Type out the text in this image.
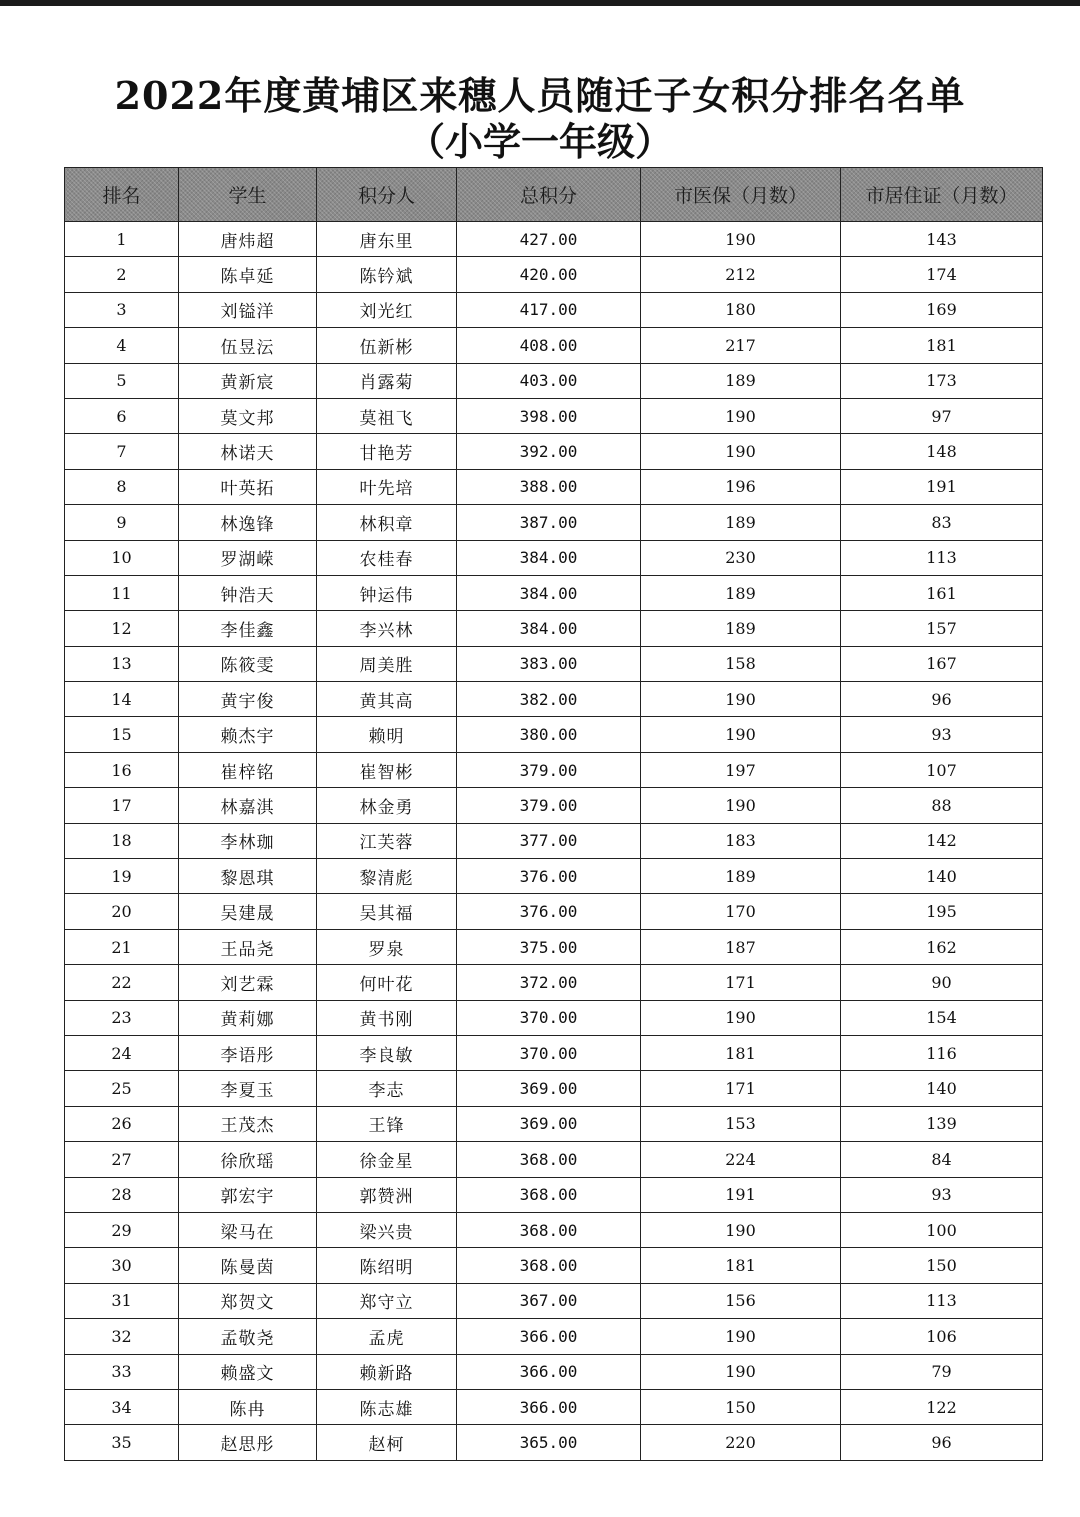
2022年度黄埔区来穗人员随迁子女积分排名名单
（小学一年级）
排名	学生	积分人	总积分	市医保（月数）	市居住证（月数）
1	唐炜超	唐东里	427.00	190	143
2	陈卓延	陈钤斌	420.00	212	174
3	刘镒洋	刘光红	417.00	180	169
4	伍昱沄	伍新彬	408.00	217	181
5	黄新宸	肖露菊	403.00	189	173
6	莫文邦	莫祖飞	398.00	190	97
7	林诺天	甘艳芳	392.00	190	148
8	叶英拓	叶先培	388.00	196	191
9	林逸锋	林积章	387.00	189	83
10	罗湖嵘	农桂春	384.00	230	113
11	钟浩天	钟运伟	384.00	189	161
12	李佳鑫	李兴林	384.00	189	157
13	陈筱雯	周美胜	383.00	158	167
14	黄宇俊	黄其高	382.00	190	96
15	赖杰宇	赖明	380.00	190	93
16	崔梓铭	崔智彬	379.00	197	107
17	林嘉淇	林金勇	379.00	190	88
18	李林珈	江芙蓉	377.00	183	142
19	黎恩琪	黎清彪	376.00	189	140
20	吴建晟	吴其福	376.00	170	195
21	王品尧	罗泉	375.00	187	162
22	刘艺霖	何叶花	372.00	171	90
23	黄莉娜	黄书刚	370.00	190	154
24	李语彤	李良敏	370.00	181	116
25	李夏玉	李志	369.00	171	140
26	王茂杰	王锋	369.00	153	139
27	徐欣瑶	徐金星	368.00	224	84
28	郭宏宇	郭赞洲	368.00	191	93
29	梁马在	梁兴贵	368.00	190	100
30	陈曼茵	陈绍明	368.00	181	150
31	郑贺文	郑守立	367.00	156	113
32	孟敬尧	孟虎	366.00	190	106
33	赖盛文	赖新路	366.00	190	79
34	陈冉	陈志雄	366.00	150	122
35	赵思彤	赵柯	365.00	220	96
